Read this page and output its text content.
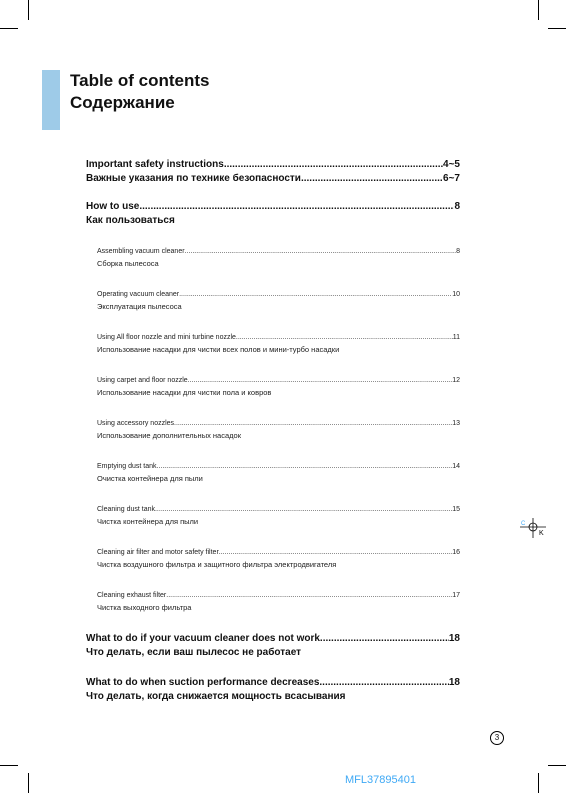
Table of contents

Содержание

Important safety instructions .....	4~5
Важные указания по технике безопасности .....	6~7
How to use .....	8
Как пользоваться
Assembling vacuum cleaner .....	8
Сборка пылесоса
Operating vacuum cleaner .....	10
Эксплуатация пылесоса
Using All floor nozzle and mini turbine nozzle .....	11
Использование насадки для чистки всех полов и мини-турбо насадки
Using carpet and floor nozzle .....	12
Использование насадки для чистки пола и ковров
Using accessory nozzles .....	13
Использование дополнительных насадок
Emptying dust tank .....	14
Очистка контейнера для пыли
Cleaning dust tank .....	15
Чистка контейнера для пыли
Cleaning air filter and motor safety filter .....	16
Чистка воздушного фильтра и защитного фильтра электродвигателя
Cleaning exhaust filter .....	17
Чистка выходного фильтра
What to do if your vacuum cleaner does not work .....	18
Что делать, если ваш пылесос не работает
What to do when suction performance decreases .....	18
Что делать, когда снижается мощность всасывания
C
K
3
MFL37895401
